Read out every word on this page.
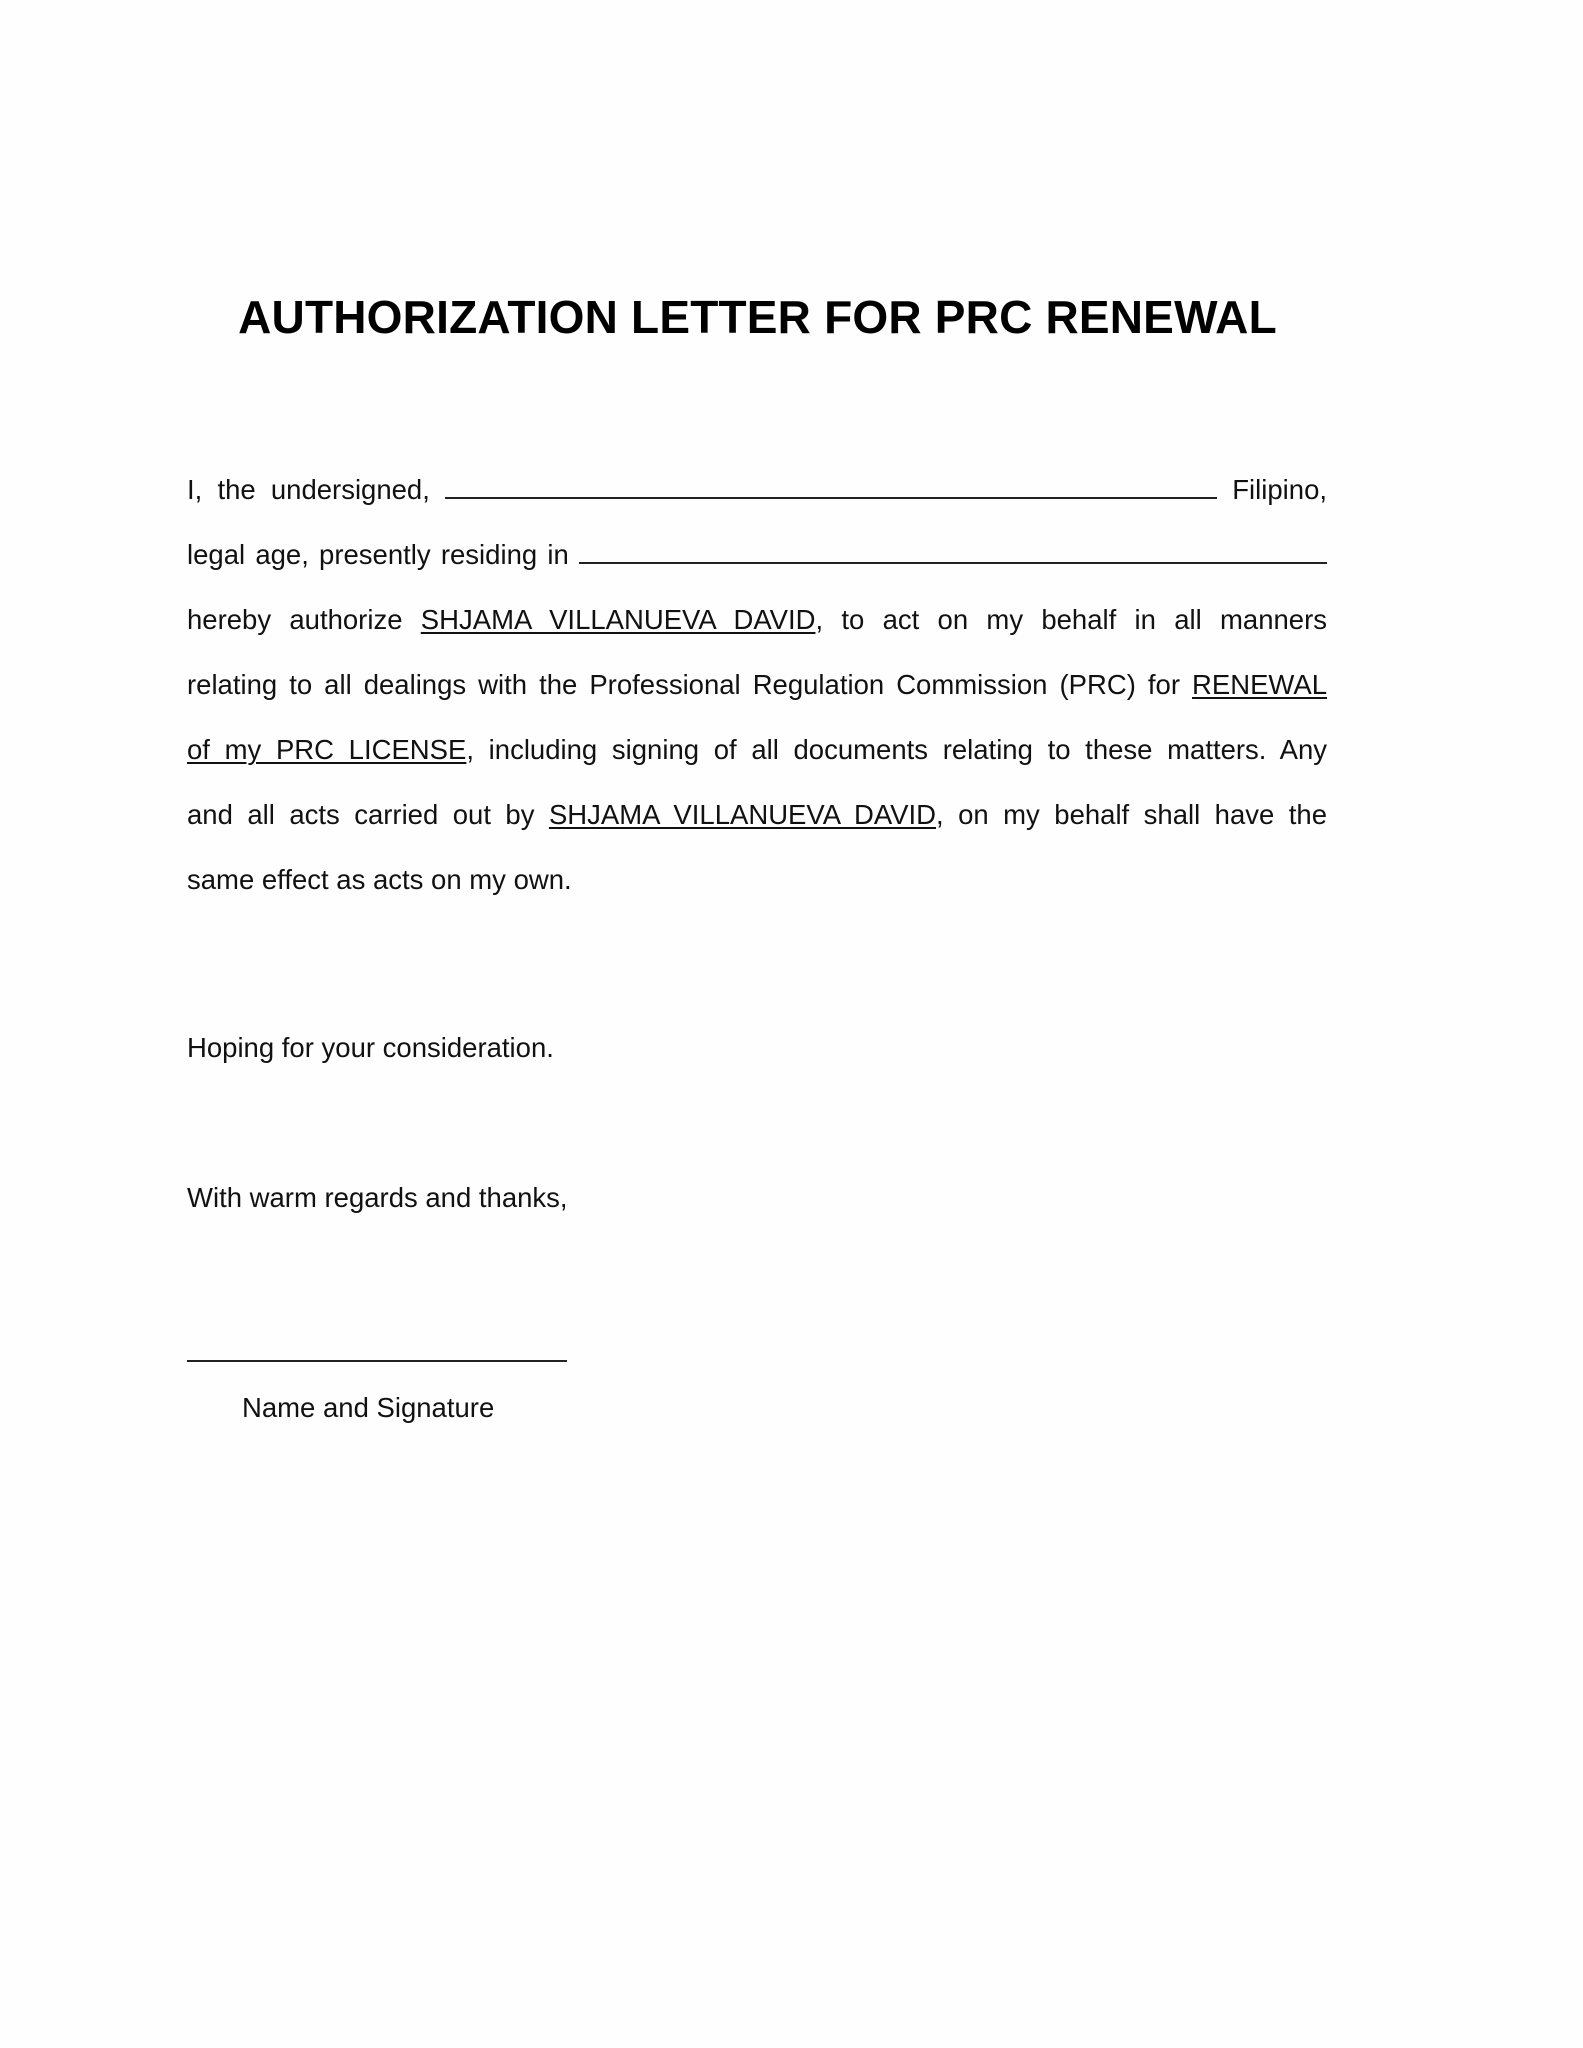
AUTHORIZATION LETTER FOR PRC RENEWAL
I, the undersigned,	Filipino,
legal age, presently residing in
hereby authorize SHJAMA VILLANUEVA DAVID, to act on my behalf in all manners
relating to all dealings with the Professional Regulation Commission (PRC) for RENEWAL
of my PRC LICENSE, including signing of all documents relating to these matters. Any
and all acts carried out by SHJAMA VILLANUEVA DAVID, on my behalf shall have the
same effect as acts on my own.
Hoping for your consideration.
With warm regards and thanks,
Name and Signature
